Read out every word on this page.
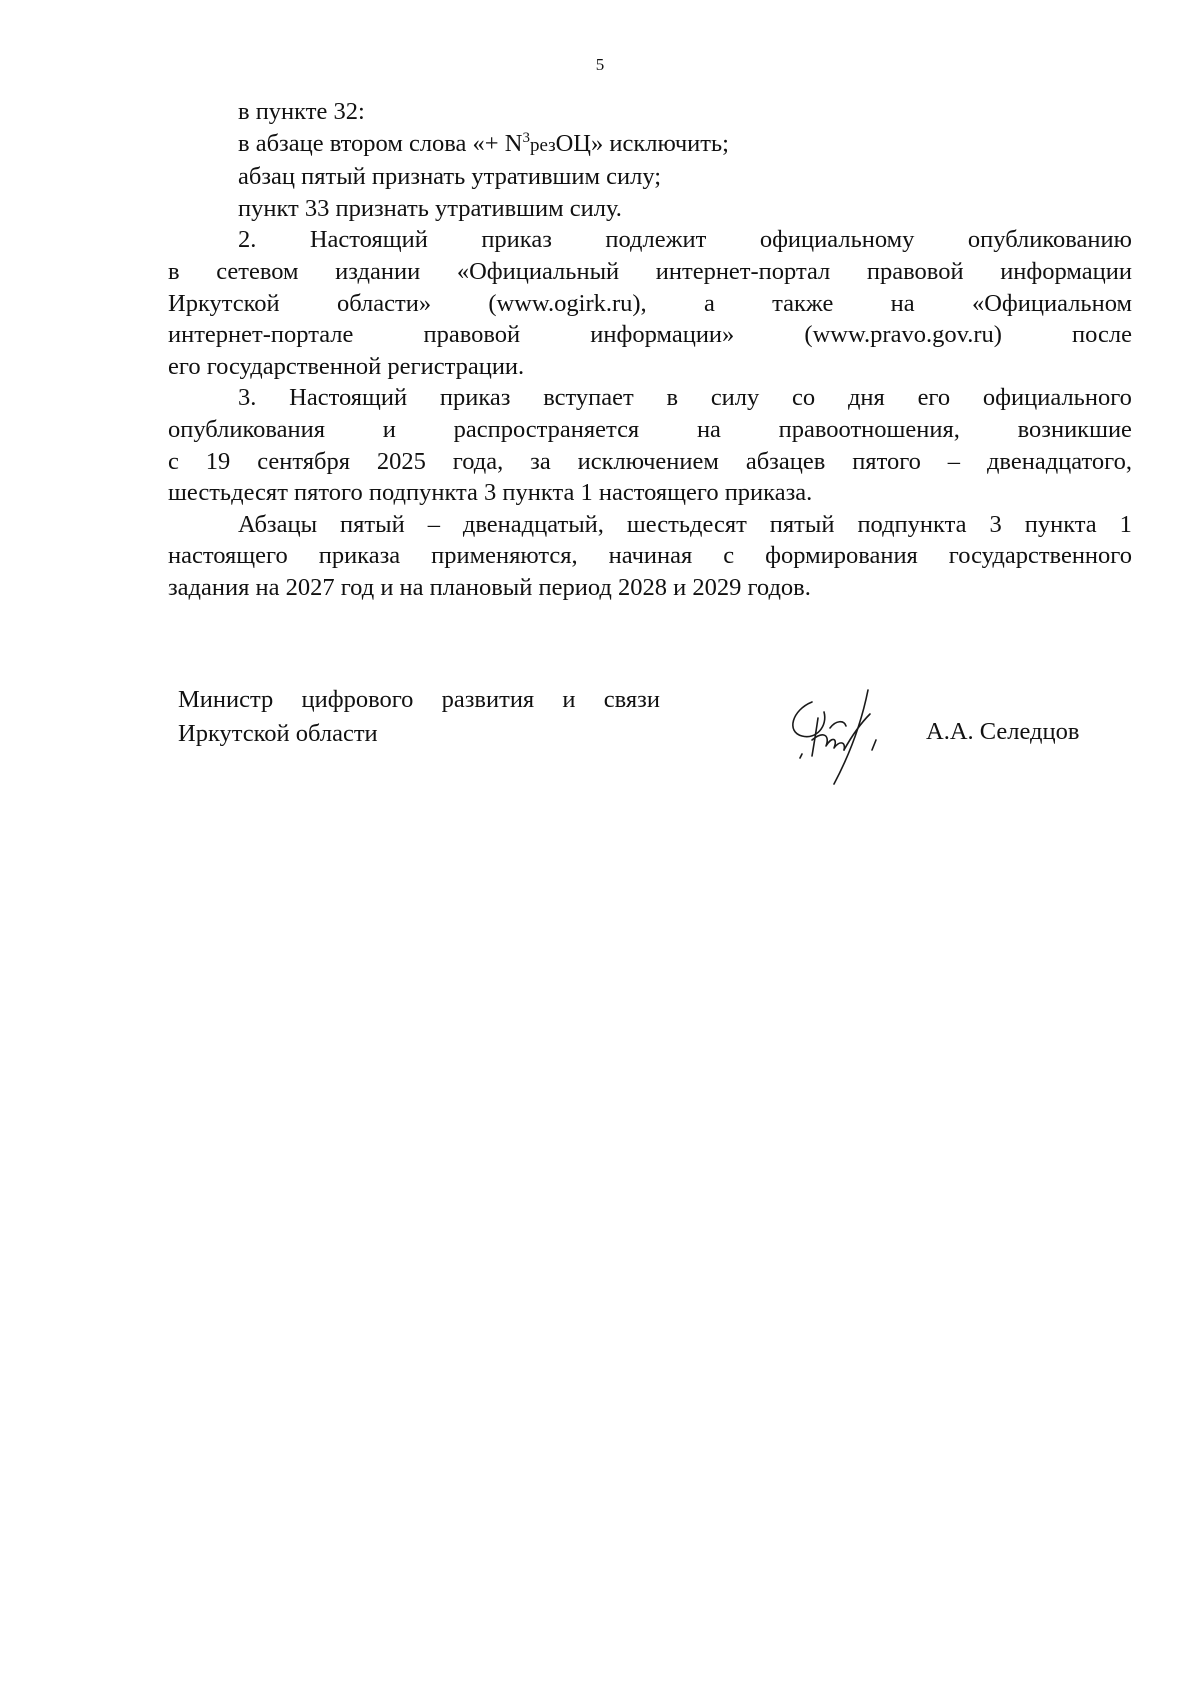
5
в пункте 32:
в абзаце втором слова «+ $N^3резОЦ$» исключить;
абзац пятый признать утратившим силу;
пункт 33 признать утратившим силу.
2. Настоящий приказ подлежит официальному опубликованию
в сетевом издании «Официальный интернет-портал правовой информации
Иркутской области» (www.ogirk.ru), а также на «Официальном
интернет-портале	правовой	информации»	(www.pravo.gov.ru)	после
его государственной регистрации.
3. Настоящий приказ вступает в силу со дня его официального
опубликования и распространяется на правоотношения, возникшие
с 19 сентября 2025 года, за исключением абзацев пятого – двенадцатого,
шестьдесят пятого подпункта 3 пункта 1 настоящего приказа.
Абзацы пятый – двенадцатый, шестьдесят пятый подпункта 3 пункта 1
настоящего приказа применяются, начиная с формирования государственного
задания на 2027 год и на плановый период 2028 и 2029 годов.
Министр цифрового развития и связи
Иркутской области	А.А. Селедцов
